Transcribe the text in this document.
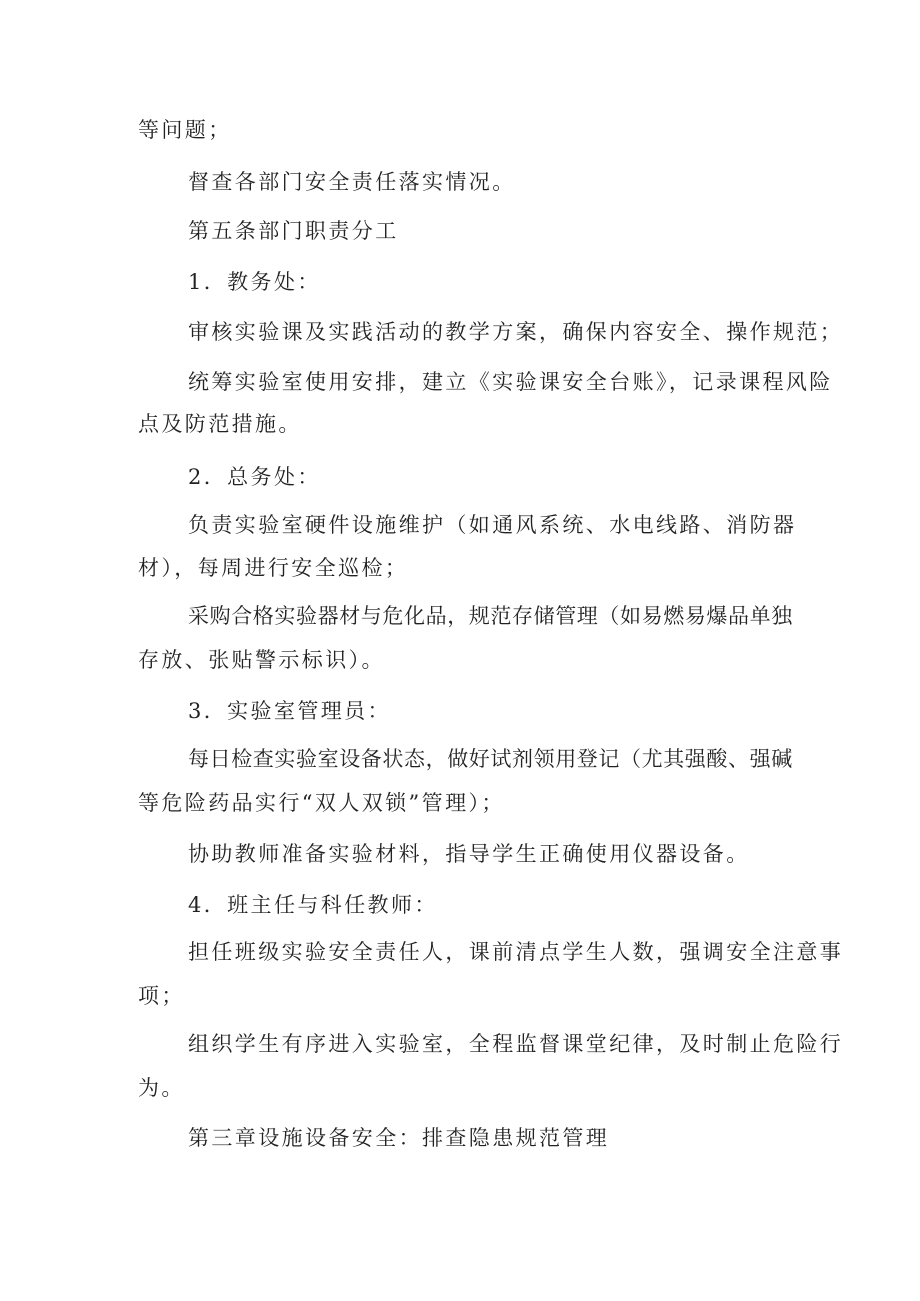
等问题；
督查各部门安全责任落实情况。
第五条部门职责分工
1．教务处：
审核实验课及实践活动的教学方案，确保内容安全、操作规范；
统筹实验室使用安排，建立《实验课安全台账》，记录课程风险
点及防范措施。
2．总务处：
负责实验室硬件设施维护（如通风系统、水电线路、消防器
材），每周进行安全巡检；
采购合格实验器材与危化品，规范存储管理（如易燃易爆品单独
存放、张贴警示标识）。
3．实验室管理员：
每日检查实验室设备状态，做好试剂领用登记（尤其强酸、强碱
等危险药品实行“双人双锁”管理）；
协助教师准备实验材料，指导学生正确使用仪器设备。
4．班主任与科任教师：
担任班级实验安全责任人，课前清点学生人数，强调安全注意事
项；
组织学生有序进入实验室，全程监督课堂纪律，及时制止危险行
为。
第三章设施设备安全：排查隐患规范管理
